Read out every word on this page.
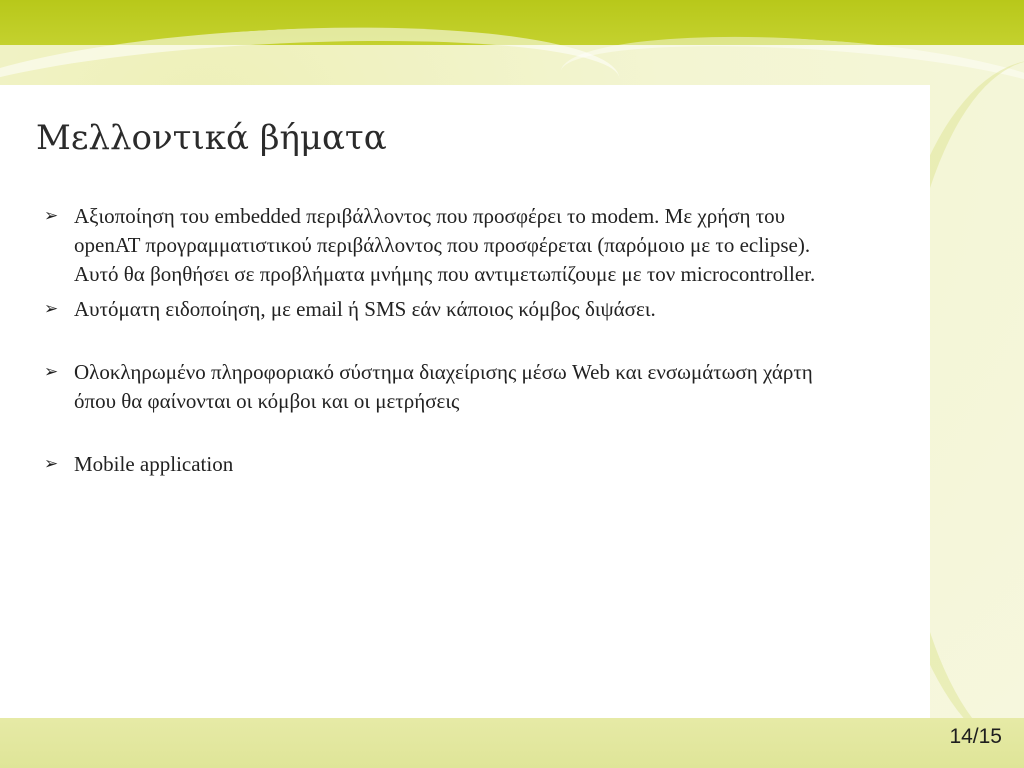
Μελλοντικά βήματα
➢ Αξιοποίηση του embedded περιβάλλοντος που προσφέρει το modem. Με χρήση του openAT προγραμματιστικού περιβάλλοντος που προσφέρεται (παρόμοιο με το eclipse). Αυτό θα βοηθήσει σε προβλήματα μνήμης που αντιμετωπίζουμε με τον microcontroller.
➢ Αυτόματη ειδοποίηση, με email ή SMS εάν κάποιος κόμβος διψάσει.
➢ Ολοκληρωμένο πληροφοριακό σύστημα διαχείρισης μέσω Web και ενσωμάτωση χάρτη όπου θα φαίνονται οι κόμβοι και οι μετρήσεις
➢ Mobile application
14/15
